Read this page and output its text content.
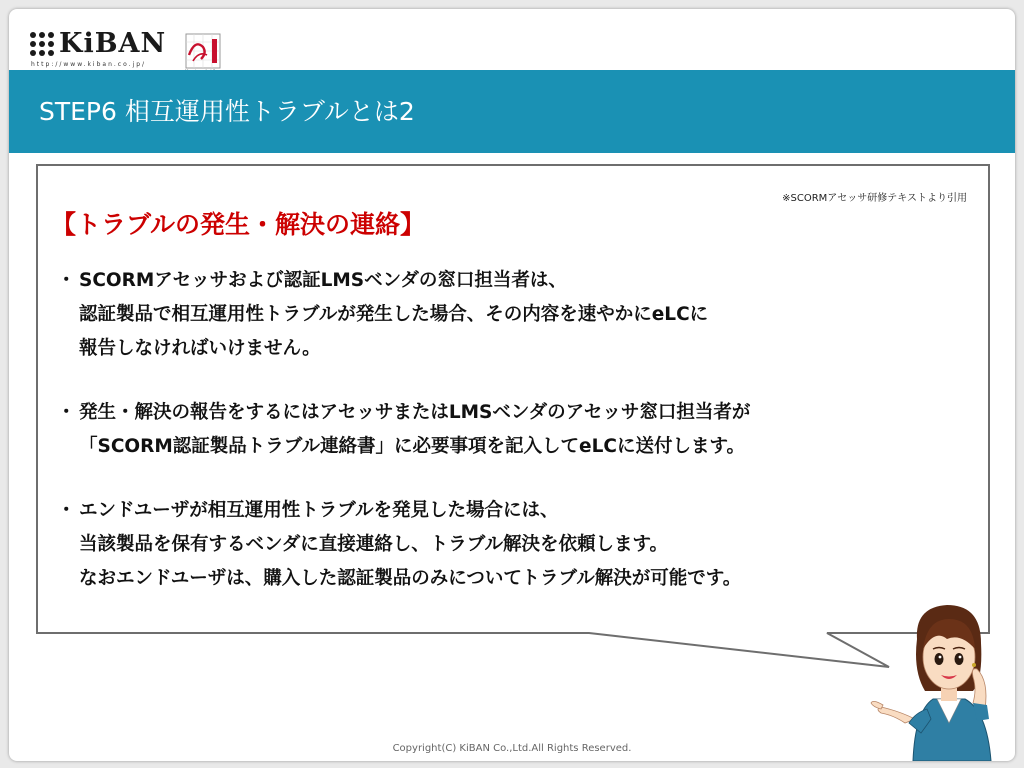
KiBAN
http://www.kiban.co.jp/
STEP6 相互運用性トラブルとは2
※SCORMアセッサ研修テキストより引用
【トラブルの発生・解決の連絡】
・ SCORMアセッサおよび認証LMSベンダの窓口担当者は、
認証製品で相互運用性トラブルが発生した場合、その内容を速やかにeLCに
報告しなければいけません。
・ 発生・解決の報告をするにはアセッサまたはLMSベンダのアセッサ窓口担当者が
「SCORM認証製品トラブル連絡書」に必要事項を記入してeLCに送付します。
・ エンドユーザが相互運用性トラブルを発見した場合には、
当該製品を保有するベンダに直接連絡し、トラブル解決を依頼します。
なおエンドユーザは、購入した認証製品のみについてトラブル解決が可能です。
Copyright(C) KiBAN Co.,Ltd.All Rights Reserved.
